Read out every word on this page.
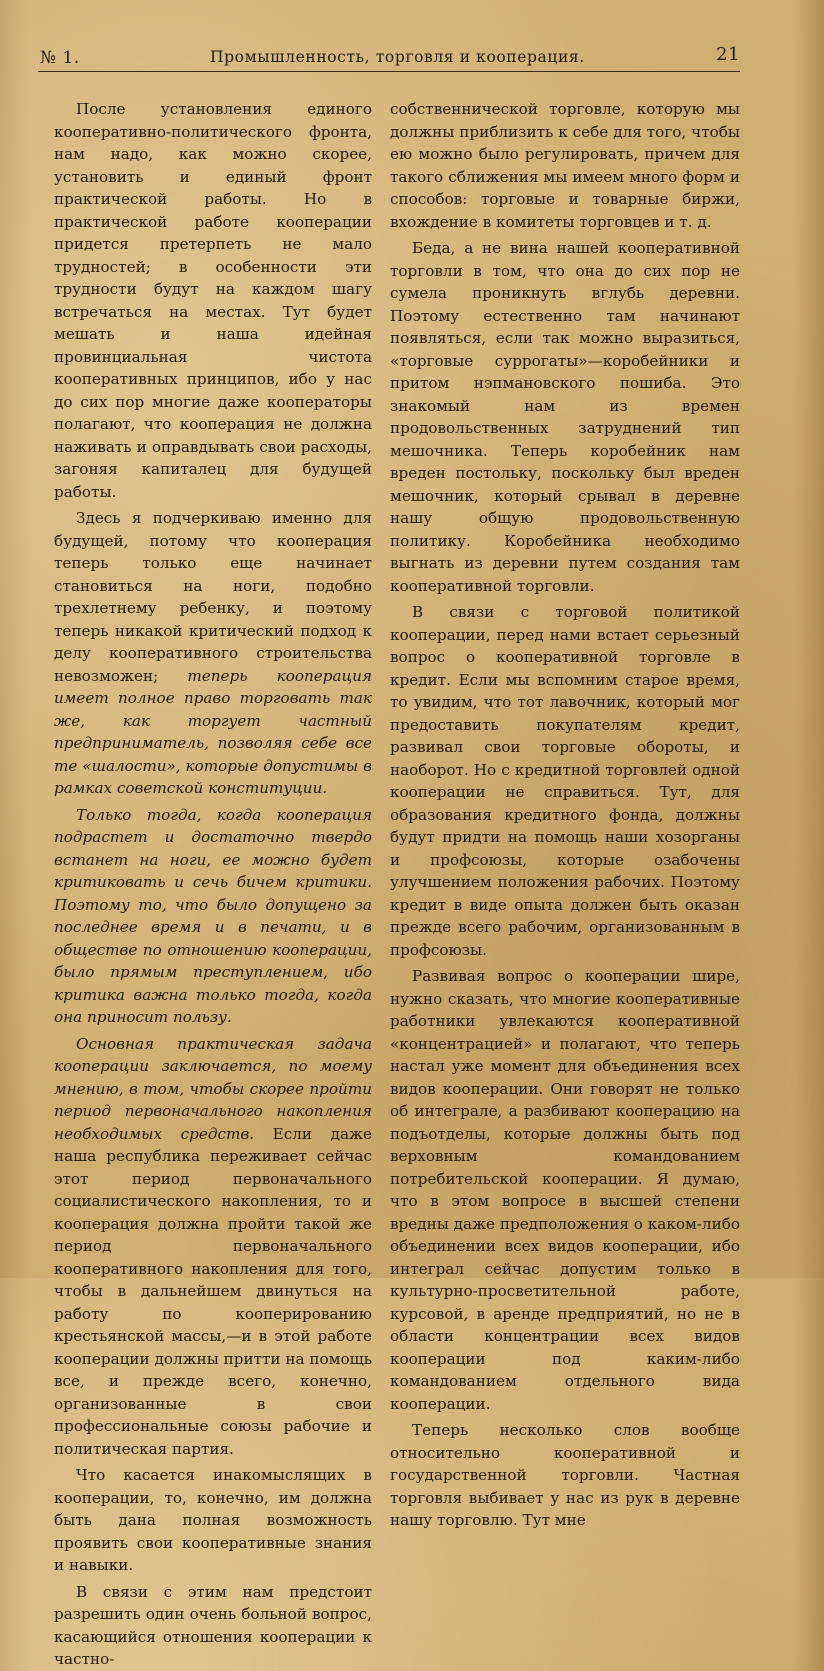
№ 1.	Промышленность, торговля и кооперация.	21

После установления единого кооперативно-политического фронта, нам надо, как можно скорее, установить и единый фронт практической работы. Но в практической работе кооперации придется претерпеть не мало трудностей; в особенности эти трудности будут на каждом шагу встречаться на местах. Тут будет мешать и наша идейная провинциальная чистота кооперативных принципов, ибо у нас до сих пор многие даже кооператоры полагают, что кооперация не должна наживать и оправдывать свои расходы, загоняя капиталец для будущей работы.

Здесь я подчеркиваю именно для будущей, потому что кооперация теперь только еще начинает становиться на ноги, подобно трехлетнему ребенку, и поэтому теперь никакой критический подход к делу кооперативного строительства невозможен; теперь кооперация имеет полное право торговать так же, как торгует частный предприниматель, позволяя себе все те «шалости», которые допустимы в рамках советской конституции.

Только тогда, когда кооперация подрастет и достаточно твердо встанет на ноги, ее можно будет критиковать и сечь бичем критики. Поэтому то, что было допущено за последнее время и в печати, и в обществе по отношению кооперации, было прямым преступлением, ибо критика важна только тогда, когда она приносит пользу.

Основная практическая задача кооперации заключается, по моему мнению, в том, чтобы скорее пройти период первоначального накопления необходимых средств. Если даже наша республика переживает сейчас этот период первоначального социалистического накопления, то и кооперация должна пройти такой же период первоначального кооперативного накопления для того, чтобы в дальнейшем двинуться на работу по кооперированию крестьянской массы,—и в этой работе кооперации должны притти на помощь все, и прежде всего, конечно, организованные в свои профессиональные союзы рабочие и политическая партия.

Что касается инакомыслящих в кооперации, то, конечно, им должна быть дана полная возможность проявить свои кооперативные знания и навыки.

В связи с этим нам предстоит разрешить один очень больной вопрос, касающийся отношения кооперации к частно-

собственнической торговле, которую мы должны приблизить к себе для того, чтобы ею можно было регулировать, причем для такого сближения мы имеем много форм и способов: торговые и товарные биржи, вхождение в комитеты торговцев и т. д.

Беда, а не вина нашей кооперативной торговли в том, что она до сих пор не сумела проникнуть вглубь деревни. Поэтому естественно там начинают появляться, если так можно выразиться, «торговые суррогаты»—коробейники и притом нэпмановского пошиба. Это знакомый нам из времен продовольственных затруднений тип мешочника. Теперь коробейник нам вреден постольку, поскольку был вреден мешочник, который срывал в деревне нашу общую продовольственную политику. Коробейника необходимо выгнать из деревни путем создания там кооперативной торговли.

В связи с торговой политикой кооперации, перед нами встает серьезный вопрос о кооперативной торговле в кредит. Если мы вспомним старое время, то увидим, что тот лавочник, который мог предоставить покупателям кредит, развивал свои торговые обороты, и наоборот. Но с кредитной торговлей одной кооперации не справиться. Тут, для образования кредитного фонда, должны будут придти на помощь наши хозорганы и профсоюзы, которые озабочены улучшением положения рабочих. Поэтому кредит в виде опыта должен быть оказан прежде всего рабочим, организованным в профсоюзы.

Развивая вопрос о кооперации шире, нужно сказать, что многие кооперативные работники увлекаются кооперативной «концентрацией» и полагают, что теперь настал уже момент для объединения всех видов кооперации. Они говорят не только об интеграле, а разбивают кооперацию на подъотделы, которые должны быть под верховным командованием потребительской кооперации. Я думаю, что в этом вопросе в высшей степени вредны даже предположения о каком-либо объединении всех видов кооперации, ибо интеграл сейчас допустим только в культурно-просветительной работе, курсовой, в аренде предприятий, но не в области концентрации всех видов кооперации под каким-либо командованием отдельного вида кооперации.

Теперь несколько слов вообще относительно кооперативной и государственной торговли. Частная торговля выбивает у нас из рук в деревне нашу торговлю. Тут мне
